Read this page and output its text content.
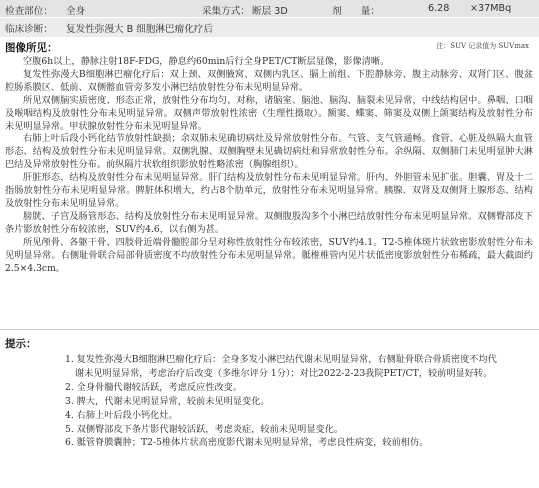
检查部位： 全身	采集方式： 断层 3D	剂　　量：	6.28 ×37MBq
临床诊断： 复发性弥漫大 B 细胞淋巴瘤化疗后
图像所见：	注：SUV 记录值为 SUVmax

空腹6h以上，静脉注射18F-FDG，静息约60min后行全身PET/CT断层显像，影像清晰。

复发性弥漫大B细胞淋巴瘤化疗后：双上颈、双侧腋窝、双侧内乳区、膈上前组、下腔静脉旁、腹主动脉旁、双肾门区、腹盆腔肠系膜区、低前、双侧髂血管旁多发小淋巴结放射性分布未见明显异常。

所见双侧脑实质密度、形态正常，放射性分布均匀、对称，诸脑室、脑池、脑沟、脑裂未见异常，中线结构居中。鼻咽、口咽及喉咽结构及放射性分布未见明显异常。双侧声带放射性浓密（生理性摄取）。额窦、蝶窦、筛窦及双侧上颌窦结构及放射性分布未见明显异常。甲状腺放射性分布未见明显异常。

右肺上叶后段小钙化结节放射性缺损；余双肺未见确切病灶及异常放射性分布。气管、支气管通畅。食管、心脏及纵隔大血管形态、结构及放射性分布未见明显异常。双侧乳腺、双侧胸壁未见确切病灶和异常放射性分布。余纵隔、双侧肺门未见明显肿大淋巴结及异常放射性分布。前纵隔片状软组织影放射性略浓密（胸腺组织）。

肝脏形态、结构及放射性分布未见明显异常。肝门结构及放射性分布未见明显异常。肝内、外胆管未见扩张。胆囊、胃及十二指肠放射性分布未见明显异常。脾脏体积增大，约占8个肋单元，放射性分布未见明显异常。胰腺、双肾及双侧肾上腺形态、结构及放射性分布未见明显异常。

膀胱、子宫及肠管形态、结构及放射性分布未见明显异常。双侧腹股沟多个小淋巴结放射性分布未见明显异常。双侧臀部皮下条片影放射性分布较浓密，SUV约4.6，以右侧为甚。

所见颅骨、各躯干骨、四肢骨近端骨髓腔部分呈对称性放射性分布较浓密，SUV约4.1。T2-5椎体斑片状致密影放射性分布未见明显异常。右侧耻骨联合局部骨质密度不均放射性分布未见明显异常。骶椎椎管内见片状低密度影放射性分布稀疏，最大截面约2.5×4.3cm。

提示：

1. 复发性弥漫大B细胞淋巴瘤化疗后：全身多发小淋巴结代谢未见明显异常，右侧耻骨联合骨质密度不均代谢未见明显异常，考虑治疗后改变（多维尔评分 1分）；对比2022-2-23我院PET/CT，较前明显好转。

2. 全身骨髓代谢较活跃，考虑反应性改变。

3. 脾大，代谢未见明显异常，较前未见明显变化。

4. 右肺上叶后段小钙化灶。

5. 双侧臀部皮下条片影代谢较活跃，考虑炎症，较前未见明显变化。

6. 骶管脊膜囊肿；T2-5椎体片状高密度影代谢未见明显异常，考虑良性病变，较前相仿。
